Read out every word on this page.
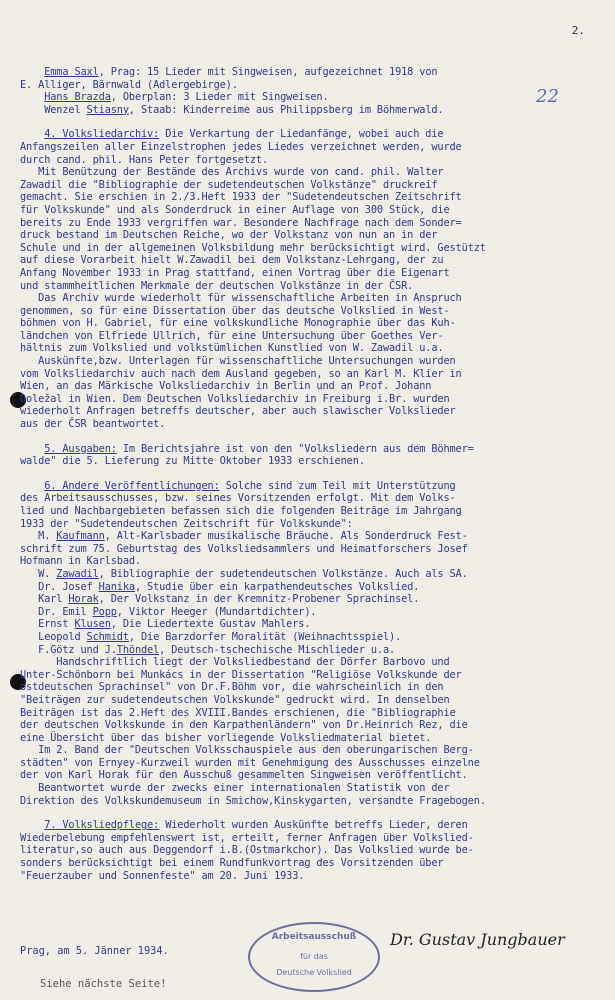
2.
22
Emma Saxl, Prag: 15 Lieder mit Singweisen, aufgezeichnet 1918 von
E. Alliger, Bärnwald (Adlergebirge).
Hans Brazda, Oberplan: 3 Lieder mit Singweisen.
Wenzel Stiasny, Staab: Kinderreime aus Philippsberg im Böhmerwald.
4. Volksliedarchiv: Die Verkartung der Liedanfänge, wobei auch die
Anfangszeilen aller Einzelstrophen jedes Liedes verzeichnet werden, wurde
durch cand. phil. Hans Peter fortgesetzt.
Mit Benützung der Bestände des Archivs wurde von cand. phil. Walter
Zawadil die "Bibliographie der sudetendeutschen Volkstänze" druckreif
gemacht. Sie erschien in 2./3.Heft 1933 der "Sudetendeutschen Zeitschrift
für Volkskunde" und als Sonderdruck in einer Auflage von 300 Stück, die
bereits zu Ende 1933 vergriffen war. Besondere Nachfrage nach dem Sonder=
druck bestand im Deutschen Reiche, wo der Volkstanz von nun an in der
Schule und in der allgemeinen Volksbildung mehr berücksichtigt wird. Gestützt
auf diese Vorarbeit hielt W.Zawadil bei dem Volkstanz-Lehrgang, der zu
Anfang November 1933 in Prag stattfand, einen Vortrag über die Eigenart
und stammheitlichen Merkmale der deutschen Volkstänze in der ČSR.
Das Archiv wurde wiederholt für wissenschaftliche Arbeiten in Anspruch
genommen, so für eine Dissertation über das deutsche Volkslied in West-
böhmen von H. Gabriel, für eine volkskundliche Monographie über das Kuh-
ländchen von Elfriede Ullrich, für eine Untersuchung über Goethes Ver-
hältnis zum Volkslied und volkstümlichen Kunstlied von W. Zawadil u.a.
Auskünfte,bzw. Unterlagen für wissenschaftliche Untersuchungen wurden
vom Volksliedarchiv auch nach dem Ausland gegeben, so an Karl M. Klier in
Wien, an das Märkische Volksliedarchiv in Berlin und an Prof. Johann
Doležal in Wien. Dem Deutschen Volksliedarchiv in Freiburg i.Br. wurden
wiederholt Anfragen betreffs deutscher, aber auch slawischer Volkslieder
aus der ČSR beantwortet.
5. Ausgaben: Im Berichtsjahre ist von den "Volksliedern aus dem Böhmer=
walde" die 5. Lieferung zu Mitte Oktober 1933 erschienen.
6. Andere Veröffentlichungen: Solche sind zum Teil mit Unterstützung
des Arbeitsausschusses, bzw. seines Vorsitzenden erfolgt. Mit dem Volks-
lied und Nachbargebieten befassen sich die folgenden Beiträge im Jahrgang
1933 der "Sudetendeutschen Zeitschrift für Volkskunde":
M. Kaufmann, Alt-Karlsbader musikalische Bräuche. Als Sonderdruck Fest-
schrift zum 75. Geburtstag des Volksliedsammlers und Heimatforschers Josef
Hofmann in Karlsbad.
W. Zawadil, Bibliographie der sudetendeutschen Volkstänze. Auch als SA.
Dr. Josef Hanika, Studie über ein karpathendeutsches Volkslied.
Karl Horak, Der Volkstanz in der Kremnitz-Probener Sprachinsel.
Dr. Emil Popp, Viktor Heeger (Mundartdichter).
Ernst Klusen, Die Liedertexte Gustav Mahlers.
Leopold Schmidt, Die Barzdorfer Moralität (Weihnachtsspiel).
F.Götz und J.Thöndel, Deutsch-tschechische Mischlieder u.a.
Handschriftlich liegt der Volksliedbestand der Dörfer Barbovo und
Unter-Schönborn bei Munkács in der Dissertation "Religiöse Volkskunde der
ostdeutschen Sprachinsel" von Dr.F.Böhm vor, die wahrscheinlich in den
"Beiträgen zur sudetendeutschen Volkskunde" gedruckt wird. In denselben
Beiträgen ist das 2.Heft des XVIII.Bandes erschienen, die "Bibliographie
der deutschen Volkskunde in den Karpathenländern" von Dr.Heinrich Rez, die
eine Übersicht über das bisher vorliegende Volksliedmaterial bietet.
Im 2. Band der "Deutschen Volksschauspiele aus den oberungarischen Berg-
städten" von Ernyey-Kurzweil wurden mit Genehmigung des Ausschusses einzelne
der von Karl Horak für den Ausschuß gesammelten Singweisen veröffentlicht.
Beantwortet wurde der zwecks einer internationalen Statistik von der
Direktion des Volkskundemuseum in Smichow,Kinskygarten, versandte Fragebogen.
7. Volksliedpflege: Wiederholt wurden Auskünfte betreffs Lieder, deren
Wiederbelebung empfehlenswert ist, erteilt, ferner Anfragen über Volkslied-
literatur,so auch aus Deggendorf i.B.(Ostmarkchor). Das Volkslied wurde be-
sonders berücksichtigt bei einem Rundfunkvortrag des Vorsitzenden über
"Feuerzauber und Sonnenfeste" am 20. Juni 1933.
Prag, am 5. Jänner 1934.
Arbeitsausschuß
für das
Deutsche Volkslied
Dr. Gustav Jungbauer
Siehe nächste Seite!
